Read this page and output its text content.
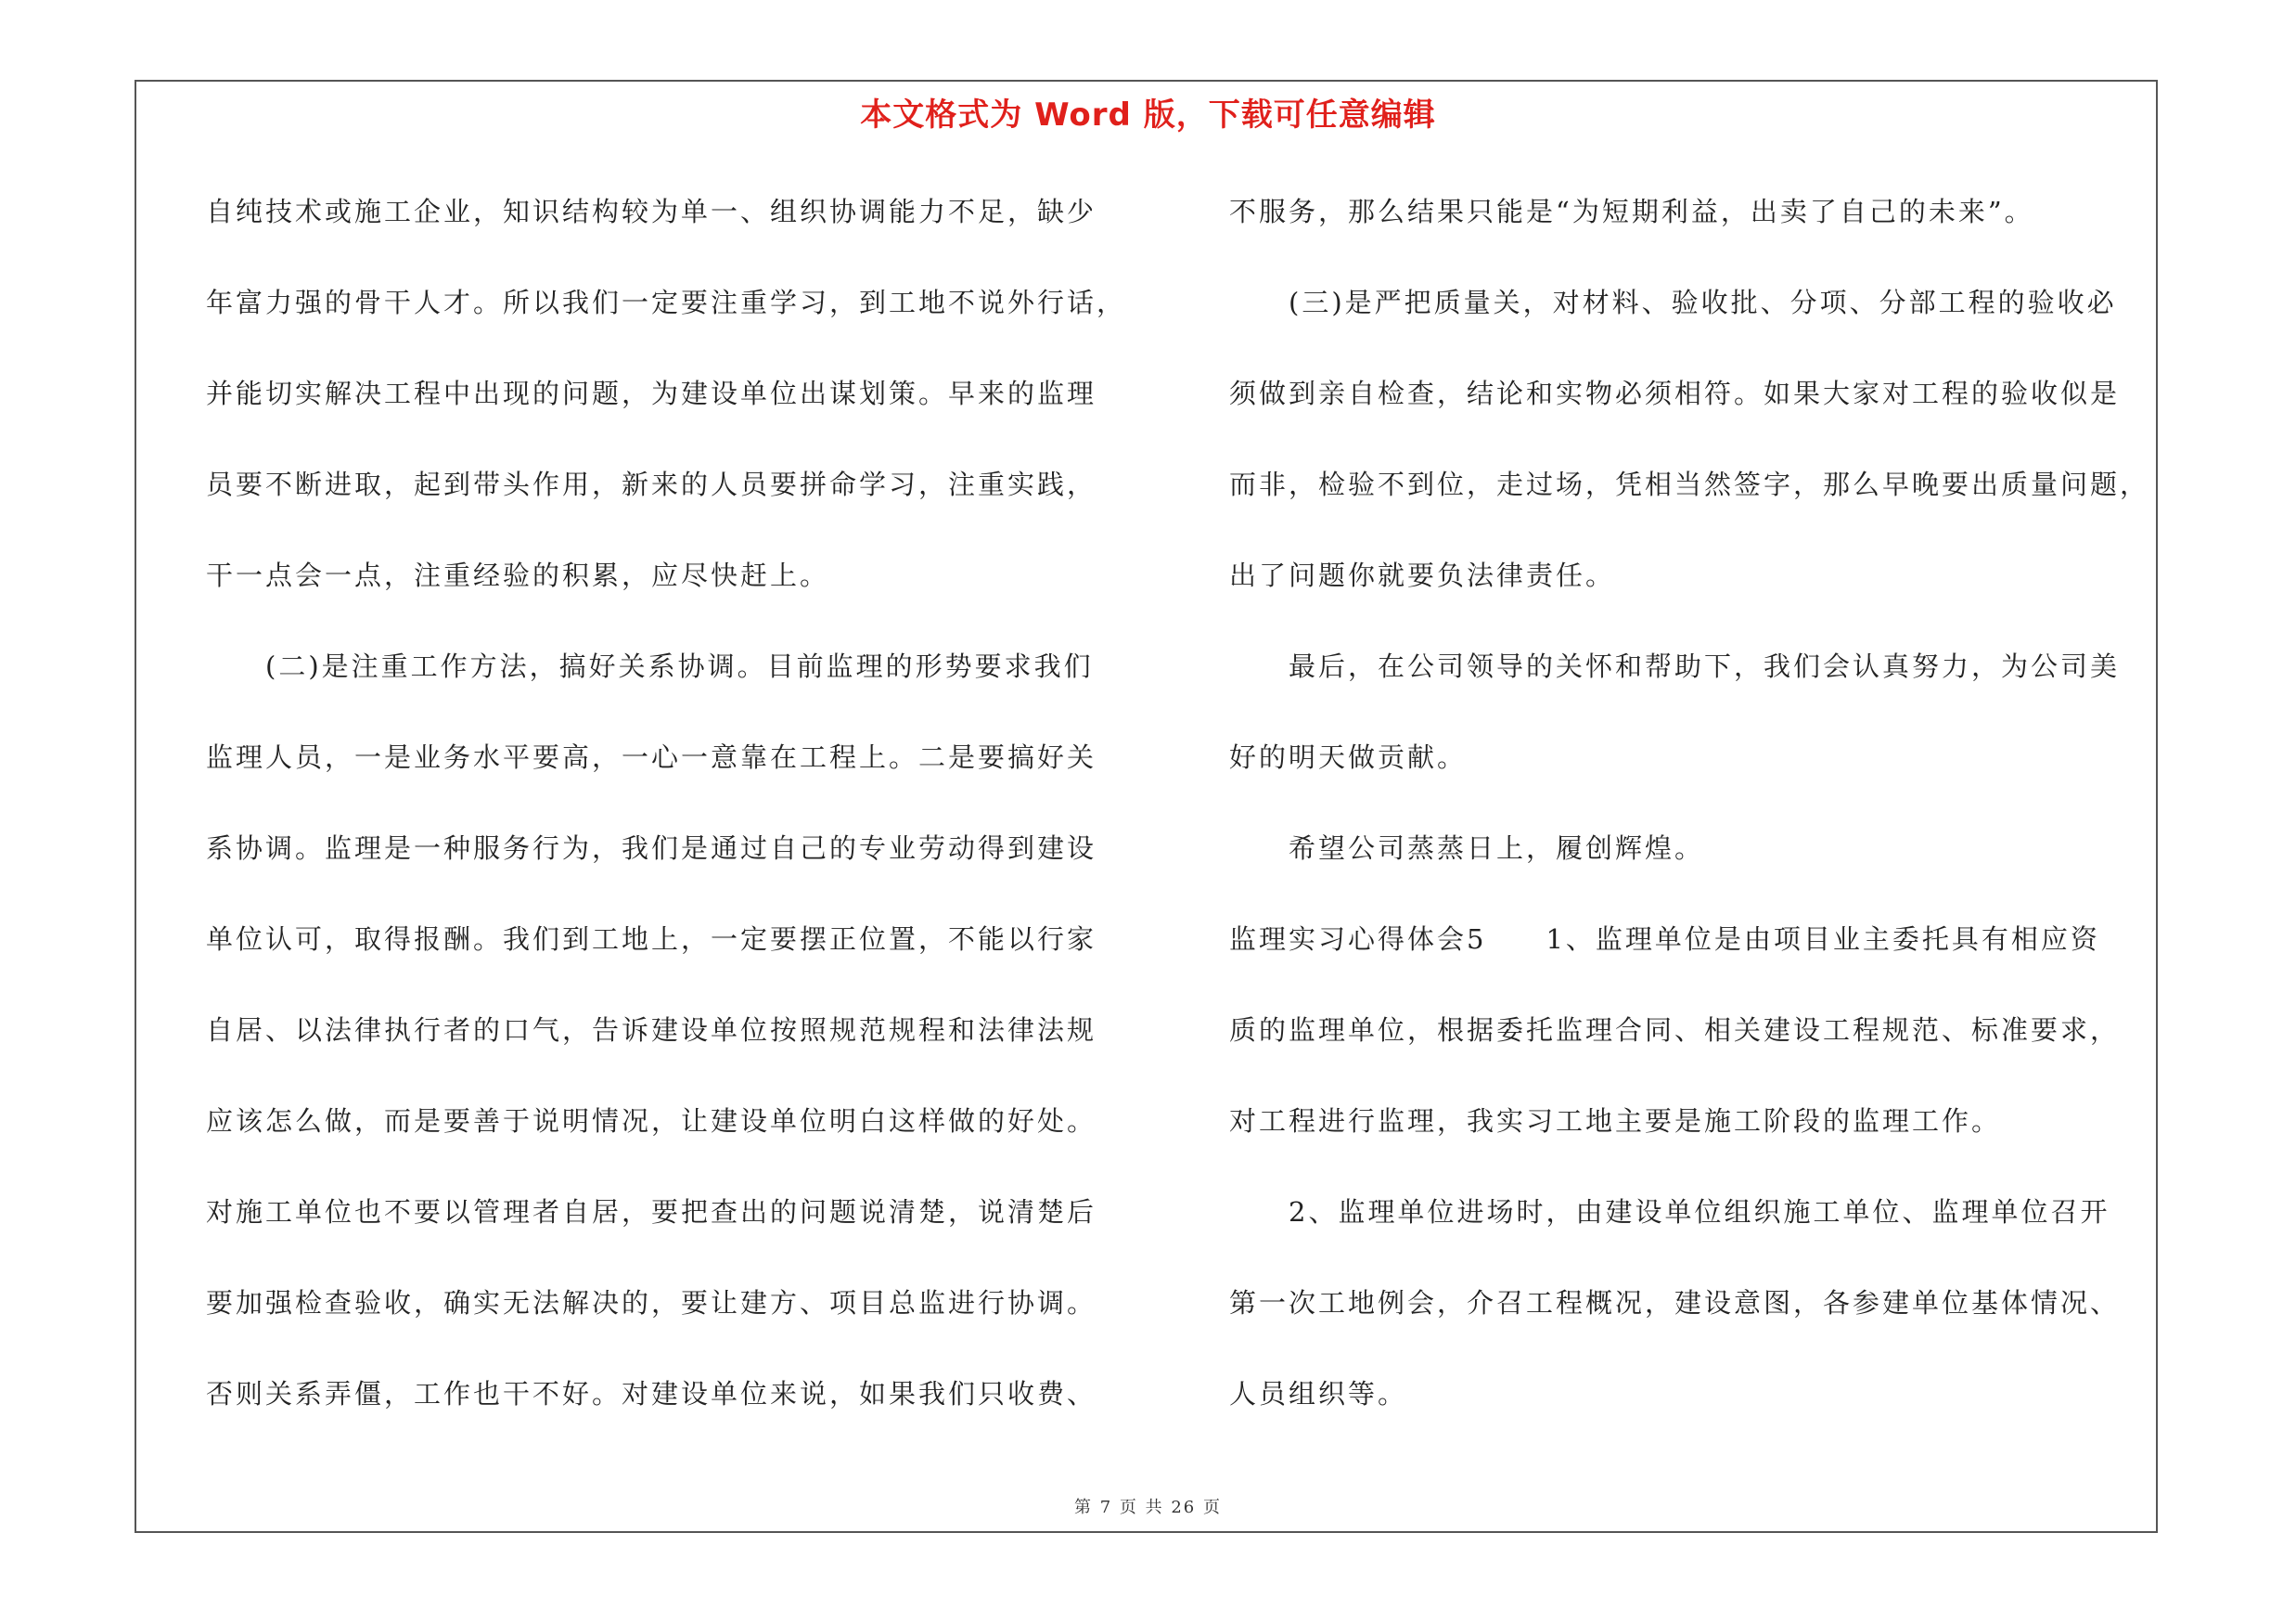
本文格式为 Word 版，下载可任意编辑
自纯技术或施工企业，知识结构较为单一、组织协调能力不足，缺少
年富力强的骨干人才。所以我们一定要注重学习，到工地不说外行话，
并能切实解决工程中出现的问题，为建设单位出谋划策。早来的监理
员要不断进取，起到带头作用，新来的人员要拼命学习，注重实践，
干一点会一点，注重经验的积累，应尽快赶上。
　　(二)是注重工作方法，搞好关系协调。目前监理的形势要求我们
监理人员，一是业务水平要高，一心一意靠在工程上。二是要搞好关
系协调。监理是一种服务行为，我们是通过自己的专业劳动得到建设
单位认可，取得报酬。我们到工地上，一定要摆正位置，不能以行家
自居、以法律执行者的口气，告诉建设单位按照规范规程和法律法规
应该怎么做，而是要善于说明情况，让建设单位明白这样做的好处。
对施工单位也不要以管理者自居，要把查出的问题说清楚，说清楚后
要加强检查验收，确实无法解决的，要让建方、项目总监进行协调。
否则关系弄僵，工作也干不好。对建设单位来说，如果我们只收费、
不服务，那么结果只能是“为短期利益，出卖了自己的未来”。
　　(三)是严把质量关，对材料、验收批、分项、分部工程的验收必
须做到亲自检查，结论和实物必须相符。如果大家对工程的验收似是
而非，检验不到位，走过场，凭相当然签字，那么早晚要出质量问题，
出了问题你就要负法律责任。
　　最后，在公司领导的关怀和帮助下，我们会认真努力，为公司美
好的明天做贡献。
　　希望公司蒸蒸日上，履创辉煌。
监理实习心得体会5　　1、监理单位是由项目业主委托具有相应资
质的监理单位，根据委托监理合同、相关建设工程规范、标准要求，
对工程进行监理，我实习工地主要是施工阶段的监理工作。
　　2、监理单位进场时，由建设单位组织施工单位、监理单位召开
第一次工地例会，介召工程概况，建设意图，各参建单位基体情况、
人员组织等。
第 7 页 共 26 页
